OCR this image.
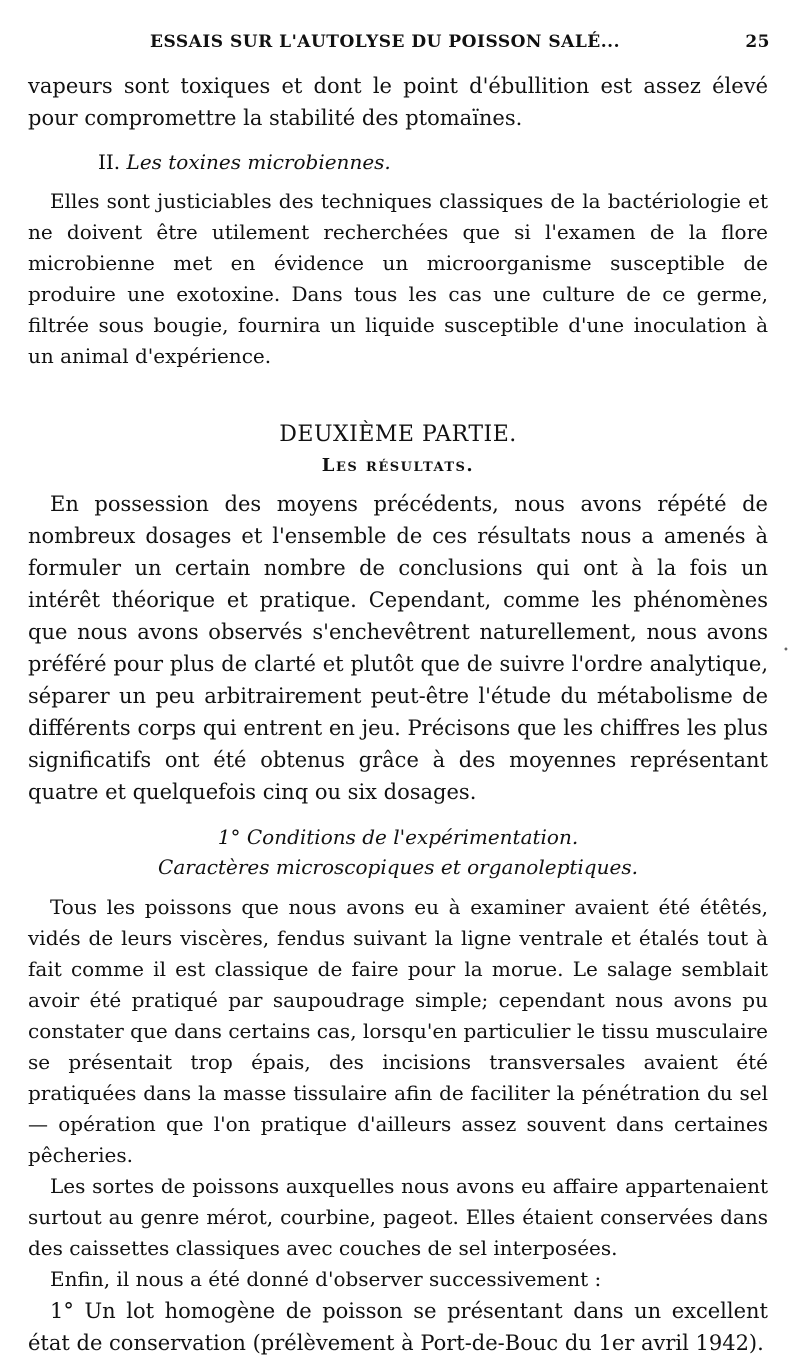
ESSAIS SUR L'AUTOLYSE DU POISSON SALÉ...	25

vapeurs sont toxiques et dont le point d'ébullition est assez élevé pour compromettre la stabilité des ptomaïnes.

II. Les toxines microbiennes.

Elles sont justiciables des techniques classiques de la bactériologie et ne doivent être utilement recherchées que si l'examen de la flore microbienne met en évidence un microorganisme susceptible de produire une exotoxine. Dans tous les cas une culture de ce germe, filtrée sous bougie, fournira un liquide susceptible d'une inoculation à un animal d'expérience.

DEUXIÈME PARTIE.
Les résultats.

En possession des moyens précédents, nous avons répété de nombreux dosages et l'ensemble de ces résultats nous a amenés à formuler un certain nombre de conclusions qui ont à la fois un intérêt théorique et pratique. Cependant, comme les phénomènes que nous avons observés s'enchevêtrent naturellement, nous avons préféré pour plus de clarté et plutôt que de suivre l'ordre analytique, séparer un peu arbitrairement peut-être l'étude du métabolisme de différents corps qui entrent en jeu. Précisons que les chiffres les plus significatifs ont été obtenus grâce à des moyennes représentant quatre et quelquefois cinq ou six dosages.

1° Conditions de l'expérimentation.
Caractères microscopiques et organoleptiques.

Tous les poissons que nous avons eu à examiner avaient été étêtés, vidés de leurs viscères, fendus suivant la ligne ventrale et étalés tout à fait comme il est classique de faire pour la morue. Le salage semblait avoir été pratiqué par saupoudrage simple; cependant nous avons pu constater que dans certains cas, lorsqu'en particulier le tissu musculaire se présentait trop épais, des incisions transversales avaient été pratiquées dans la masse tissulaire afin de faciliter la pénétration du sel — opération que l'on pratique d'ailleurs assez souvent dans certaines pêcheries.

Les sortes de poissons auxquelles nous avons eu affaire appartenaient surtout au genre mérot, courbine, pageot. Elles étaient conservées dans des caissettes classiques avec couches de sel interposées.

Enfin, il nous a été donné d'observer successivement :

1° Un lot homogène de poisson se présentant dans un excellent état de conservation (prélèvement à Port-de-Bouc du 1er avril 1942).

•
